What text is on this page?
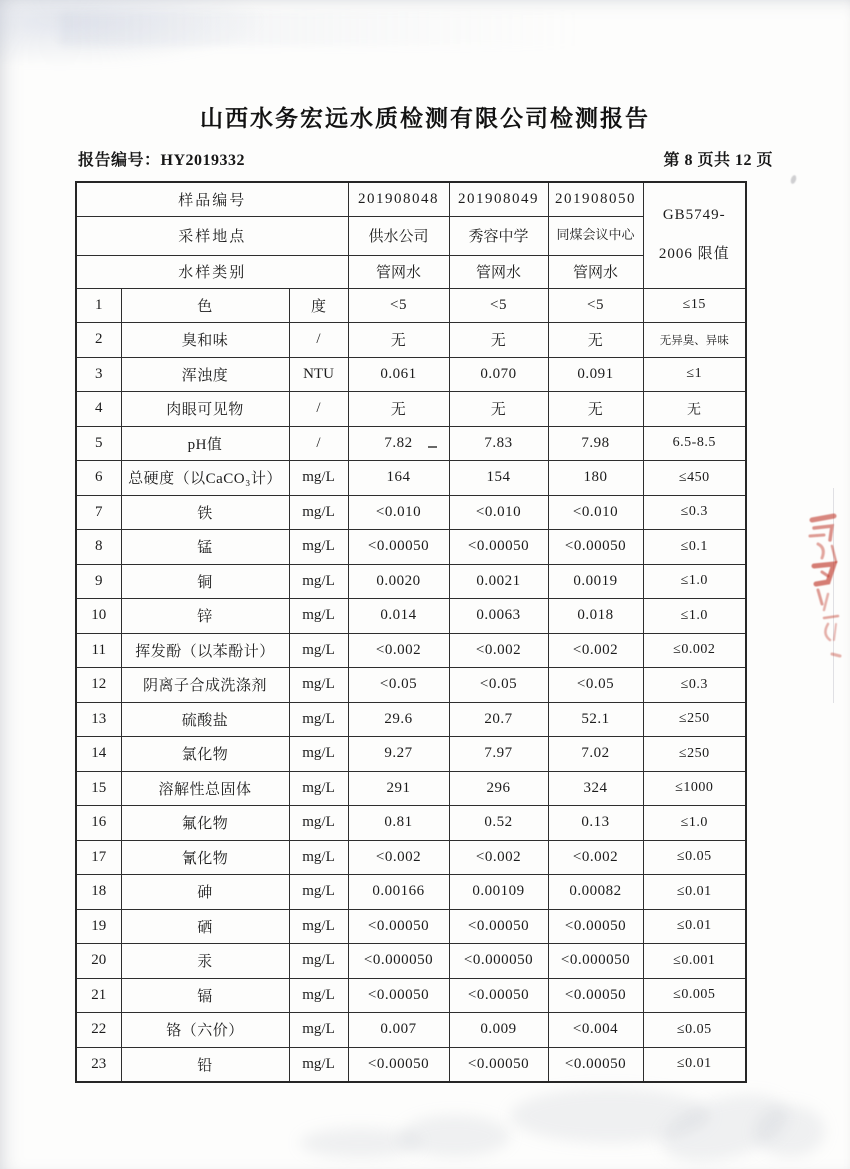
山西水务宏远水质检测有限公司检测报告
报告编号：HY2019332	第 8 页共 12 页
样品编号			201908048	201908049	201908050	GB5749-
2006 限值

采样地点			供水公司	秀容中学	同煤会议中心	
水样类别			管网水	管网水	管网水	
1	色	度	<5	<5	<5	≤15
2	臭和味	/	无	无	无	无异臭、异味
3	浑浊度	NTU	0.061	0.070	0.091	≤1
4	肉眼可见物	/	无	无	无	无
5	pH值	/	7.82	7.83	7.98	6.5-8.5
6	总硬度（以CaCO₃计）	mg/L	164	154	180	≤450
7	铁	mg/L	<0.010	<0.010	<0.010	≤0.3
8	锰	mg/L	<0.00050	<0.00050	<0.00050	≤0.1
9	铜	mg/L	0.0020	0.0021	0.0019	≤1.0
10	锌	mg/L	0.014	0.0063	0.018	≤1.0
11	挥发酚（以苯酚计）	mg/L	<0.002	<0.002	<0.002	≤0.002
12	阴离子合成洗涤剂	mg/L	<0.05	<0.05	<0.05	≤0.3
13	硫酸盐	mg/L	29.6	20.7	52.1	≤250
14	氯化物	mg/L	9.27	7.97	7.02	≤250
15	溶解性总固体	mg/L	291	296	324	≤1000
16	氟化物	mg/L	0.81	0.52	0.13	≤1.0
17	氰化物	mg/L	<0.002	<0.002	<0.002	≤0.05
18	砷	mg/L	0.00166	0.00109	0.00082	≤0.01
19	硒	mg/L	<0.00050	<0.00050	<0.00050	≤0.01
20	汞	mg/L	<0.000050	<0.000050	<0.000050	≤0.001
21	镉	mg/L	<0.00050	<0.00050	<0.00050	≤0.005
22	铬（六价）	mg/L	0.007	0.009	<0.004	≤0.05
23	铅	mg/L	<0.00050	<0.00050	<0.00050	≤0.01
